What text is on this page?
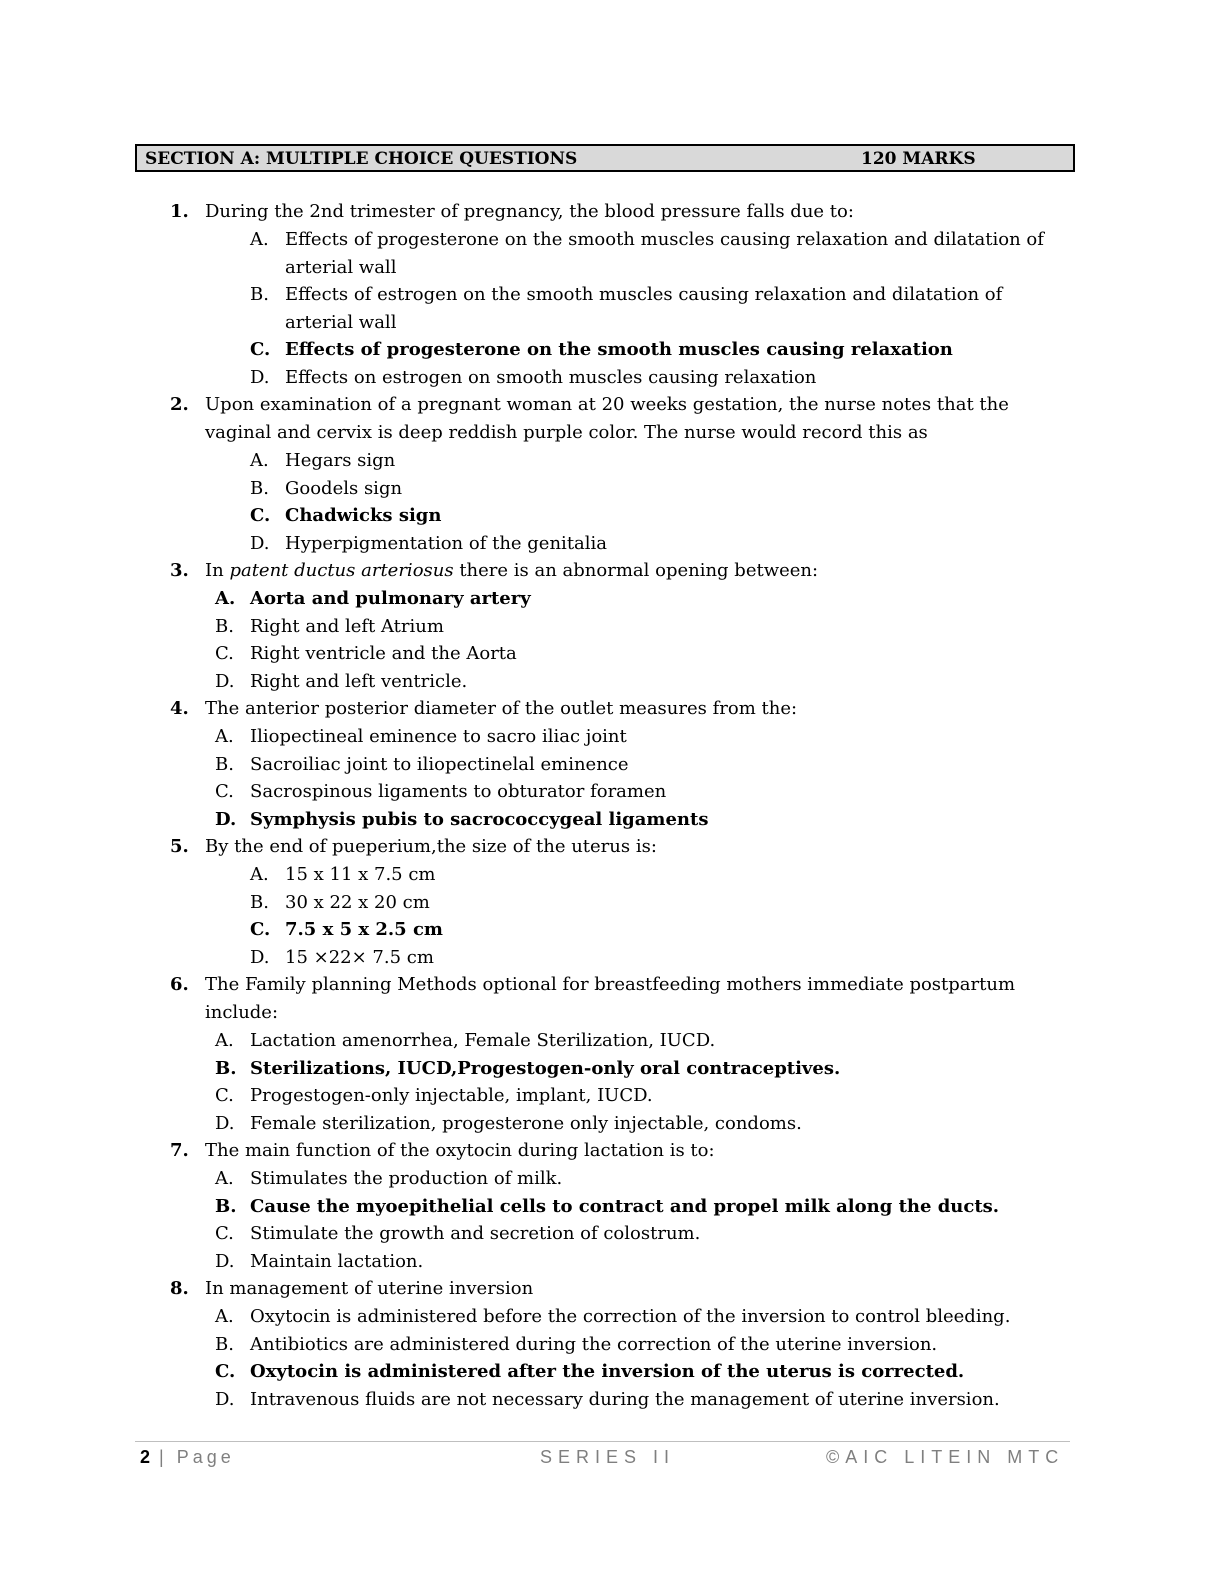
SECTION A: MULTIPLE CHOICE QUESTIONS	120 MARKS
1. During the 2nd trimester of pregnancy, the blood pressure falls due to:
A. Effects of progesterone on the smooth muscles causing relaxation and dilatation of arterial wall
B. Effects of estrogen on the smooth muscles causing relaxation and dilatation of arterial wall
C. Effects of progesterone on the smooth muscles causing relaxation
D. Effects on estrogen on smooth muscles causing relaxation
2. Upon examination of a pregnant woman at 20 weeks gestation, the nurse notes that the vaginal and cervix is deep reddish purple color. The nurse would record this as
A. Hegars sign
B. Goodels sign
C. Chadwicks sign
D. Hyperpigmentation of the genitalia
3. In patent ductus arteriosus there is an abnormal opening between:
A. Aorta and pulmonary artery
B. Right and left Atrium
C. Right ventricle and the Aorta
D. Right and left ventricle.
4. The anterior posterior diameter of the outlet measures from the:
A. Iliopectineal eminence to sacro iliac joint
B. Sacroiliac joint to iliopectinelal eminence
C. Sacrospinous ligaments to obturator foramen
D. Symphysis pubis to sacrococcygeal ligaments
5. By the end of pueperium,the size of the uterus is:
A. 15 x 11 x 7.5 cm
B. 30 x 22 x 20 cm
C. 7.5 x 5 x 2.5 cm
D. 15 ×22× 7.5 cm
6. The Family planning Methods optional for breastfeeding mothers immediate postpartum include:
A. Lactation amenorrhea, Female Sterilization, IUCD.
B. Sterilizations, IUCD,Progestogen-only oral contraceptives.
C. Progestogen-only injectable, implant, IUCD.
D. Female sterilization, progesterone only injectable, condoms.
7. The main function of the oxytocin during lactation is to:
A. Stimulates the production of milk.
B. Cause the myoepithelial cells to contract and propel milk along the ducts.
C. Stimulate the growth and secretion of colostrum.
D. Maintain lactation.
8. In management of uterine inversion
A. Oxytocin is administered before the correction of the inversion to control bleeding.
B. Antibiotics are administered during the correction of the uterine inversion.
C. Oxytocin is administered after the inversion of the uterus is corrected.
D. Intravenous fluids are not necessary during the management of uterine inversion.
2 | Page	SERIES II	©AIC LITEIN MTC
